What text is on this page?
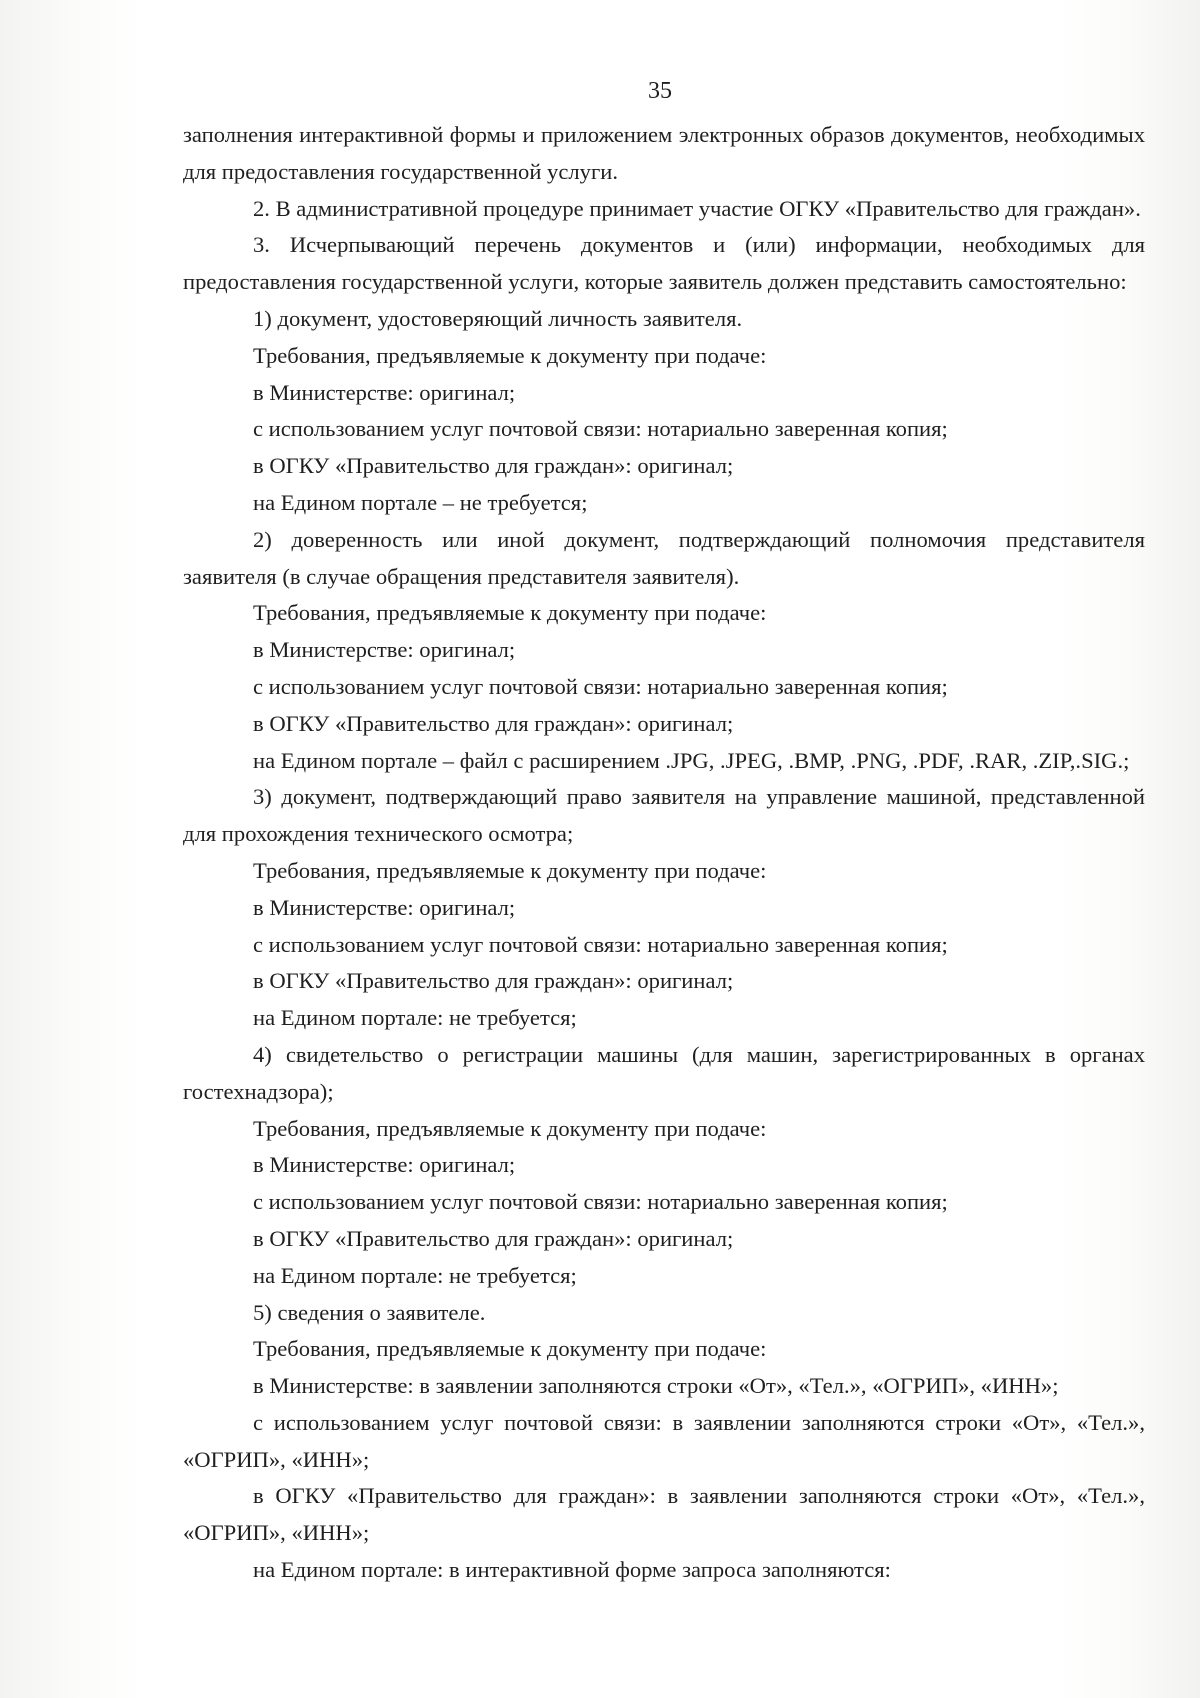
35

заполнения интерактивной формы и приложением электронных образов документов, необходимых для предоставления государственной услуги.

2. В административной процедуре принимает участие ОГКУ «Правительство для граждан».

3. Исчерпывающий перечень документов и (или) информации, необходимых для предоставления государственной услуги, которые заявитель должен представить самостоятельно:

1) документ, удостоверяющий личность заявителя.

Требования, предъявляемые к документу при подаче:

в Министерстве: оригинал;

с использованием услуг почтовой связи: нотариально заверенная копия;

в ОГКУ «Правительство для граждан»: оригинал;

на Едином портале – не требуется;

2) доверенность или иной документ, подтверждающий полномочия представителя заявителя (в случае обращения представителя заявителя).

Требования, предъявляемые к документу при подаче:

в Министерстве: оригинал;

с использованием услуг почтовой связи: нотариально заверенная копия;

в ОГКУ «Правительство для граждан»: оригинал;

на Едином портале – файл с расширением .JPG, .JPEG, .BMP, .PNG, .PDF, .RAR, .ZIP,.SIG.;

3) документ, подтверждающий право заявителя на управление машиной, представленной для прохождения технического осмотра;

Требования, предъявляемые к документу при подаче:

в Министерстве: оригинал;

с использованием услуг почтовой связи: нотариально заверенная копия;

в ОГКУ «Правительство для граждан»: оригинал;

на Едином портале: не требуется;

4) свидетельство о регистрации машины (для машин, зарегистрированных в органах гостехнадзора);

Требования, предъявляемые к документу при подаче:

в Министерстве: оригинал;

с использованием услуг почтовой связи: нотариально заверенная копия;

в ОГКУ «Правительство для граждан»: оригинал;

на Едином портале: не требуется;

5) сведения о заявителе.

Требования, предъявляемые к документу при подаче:

в Министерстве: в заявлении заполняются строки «От», «Тел.», «ОГРИП», «ИНН»;

с использованием услуг почтовой связи: в заявлении заполняются строки «От», «Тел.», «ОГРИП», «ИНН»;

в ОГКУ «Правительство для граждан»: в заявлении заполняются строки «От», «Тел.», «ОГРИП», «ИНН»;

на Едином портале: в интерактивной форме запроса заполняются:
